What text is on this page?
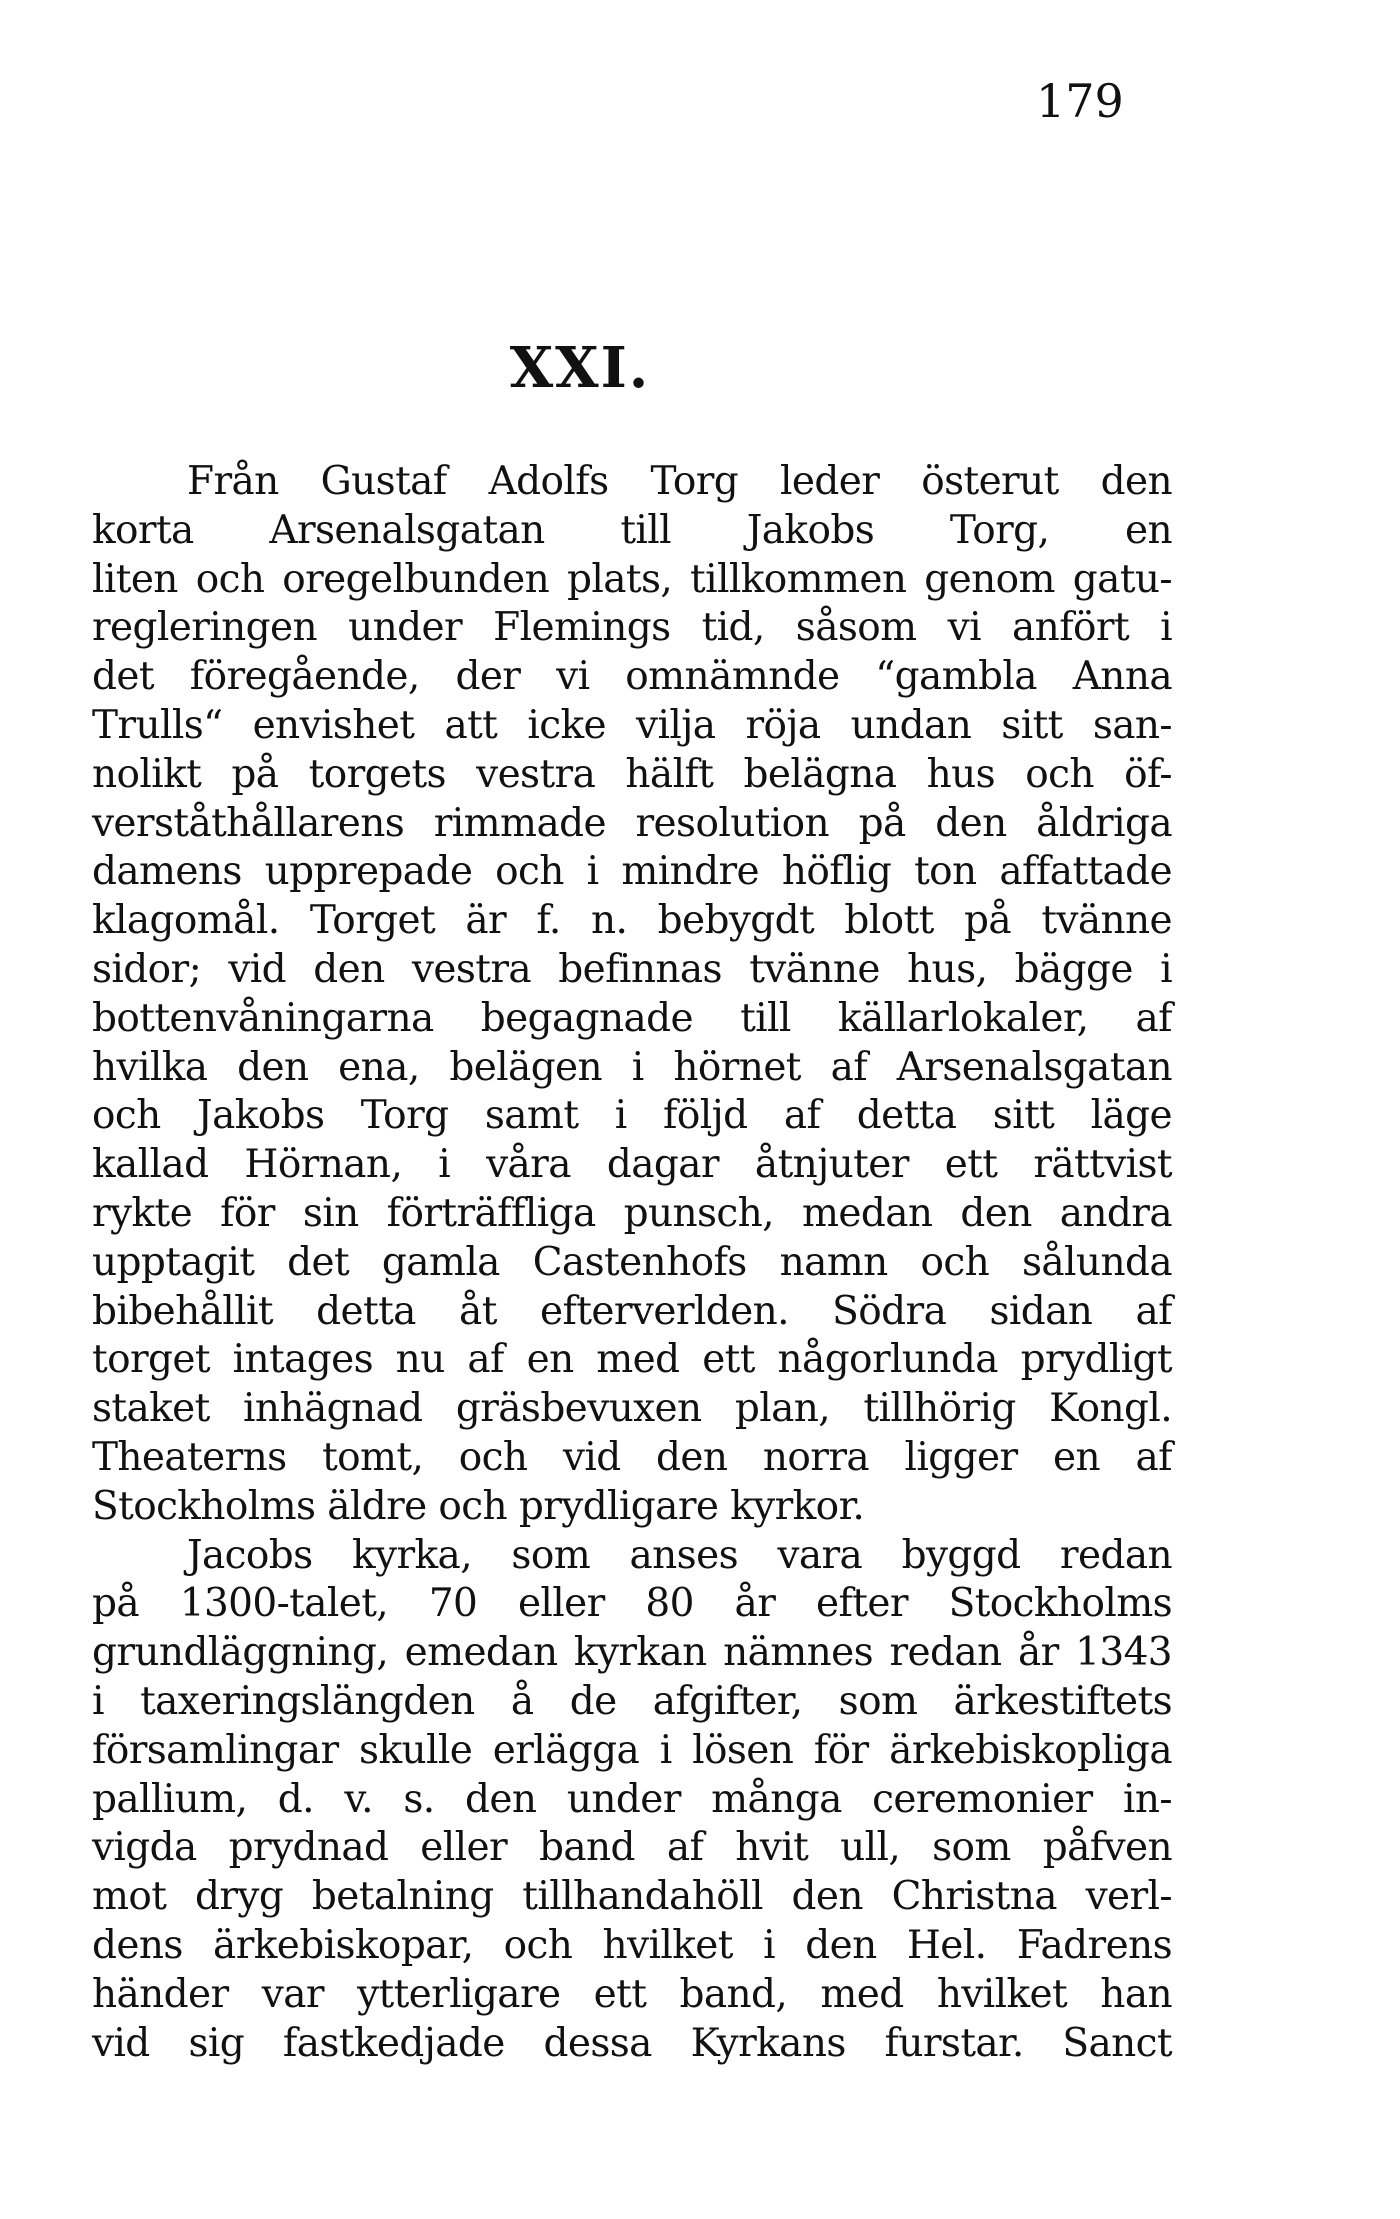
179
XXI.
Från Gustaf Adolfs Torg leder österut den
korta Arsenalsgatan till Jakobs Torg, en
liten och oregelbunden plats, tillkommen genom gatu-
regleringen under Flemings tid, såsom vi anfört i
det föregående, der vi omnämnde “gambla Anna
Trulls“ envishet att icke vilja röja undan sitt san-
nolikt på torgets vestra hälft belägna hus och öf-
verståthållarens rimmade resolution på den åldriga
damens upprepade och i mindre höflig ton affattade
klagomål. Torget är f. n. bebygdt blott på tvänne
sidor; vid den vestra befinnas tvänne hus, bägge i
bottenvåningarna begagnade till källarlokaler, af
hvilka den ena, belägen i hörnet af Arsenalsgatan
och Jakobs Torg samt i följd af detta sitt läge
kallad Hörnan, i våra dagar åtnjuter ett rättvist
rykte för sin förträffliga punsch, medan den andra
upptagit det gamla Castenhofs namn och sålunda
bibehållit detta åt efterverlden. Södra sidan af
torget intages nu af en med ett någorlunda prydligt
staket inhägnad gräsbevuxen plan, tillhörig Kongl.
Theaterns tomt, och vid den norra ligger en af
Stockholms äldre och prydligare kyrkor.
Jacobs kyrka, som anses vara byggd redan
på 1300-talet, 70 eller 80 år efter Stockholms
grundläggning, emedan kyrkan nämnes redan år 1343
i taxeringslängden å de afgifter, som ärkestiftets
församlingar skulle erlägga i lösen för ärkebiskopliga
pallium, d. v. s. den under många ceremonier in-
vigda prydnad eller band af hvit ull, som påfven
mot dryg betalning tillhandahöll den Christna verl-
dens ärkebiskopar, och hvilket i den Hel. Fadrens
händer var ytterligare ett band, med hvilket han
vid sig fastkedjade dessa Kyrkans furstar. Sanct
